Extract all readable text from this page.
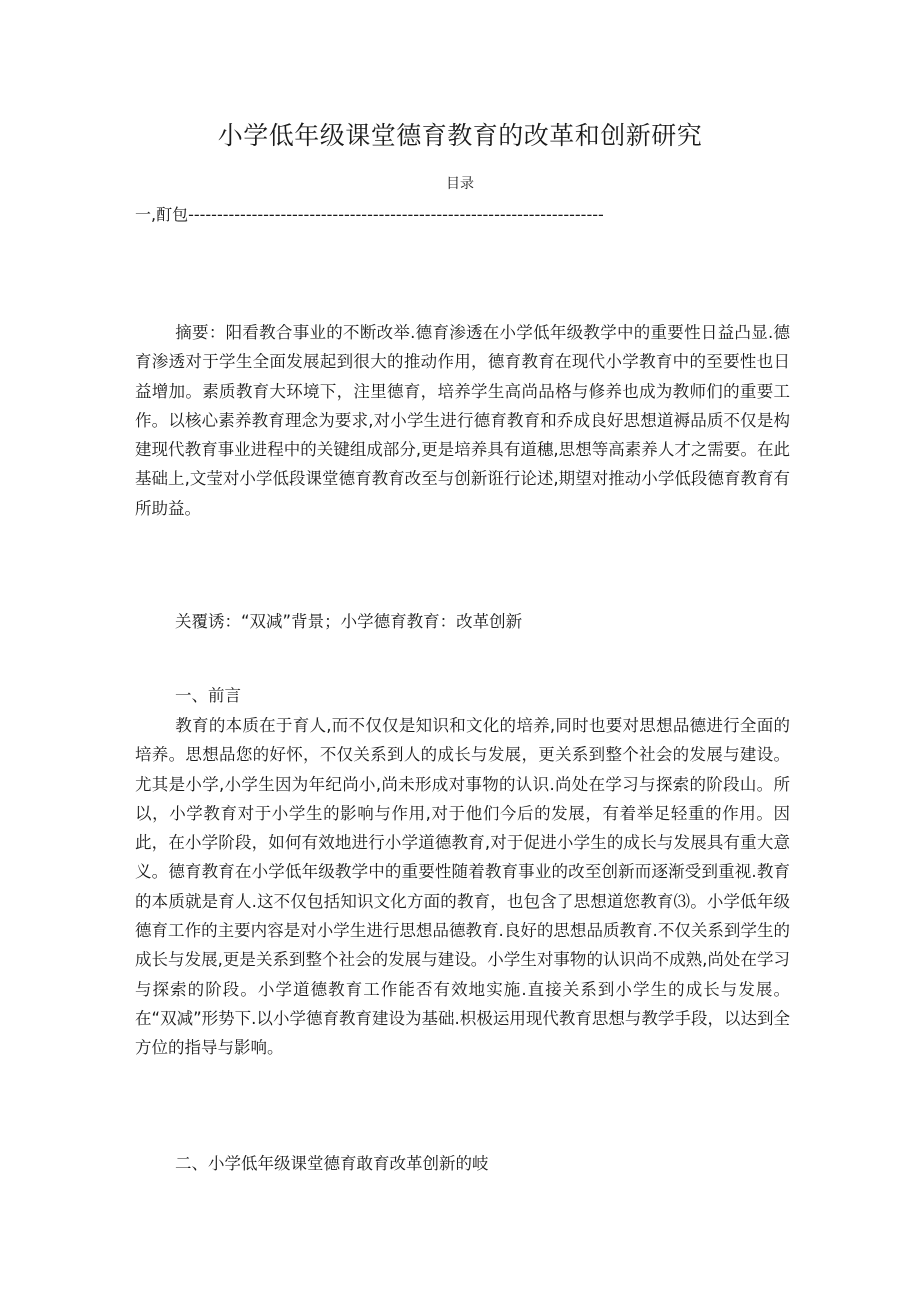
小学低年级课堂德育教育的改革和创新研究
目录
一,酊包------------------------------------------------------------------------
摘要：阳看教合事业的不断改举.德育渗透在小学低年级教学中的重要性日益凸显.德育渗透对于学生全面发展起到很大的推动作用，德育教育在现代小学教育中的至要性也日益增加。素质教育大环境下，注里德育，培养学生高尚品格与修养也成为教师们的重要工作。以核心素养教育理念为要求,对小学生进行德育教育和乔成良好思想道褥品质不仅是构建现代教育事业进程中的关键组成部分,更是培养具有道穗,思想等高素养人才之需要。在此基础上,文莹对小学低段课堂德育教育改至与创新诳行论述,期望对推动小学低段德育教育有所助益。
关覆诱：“双减”背景；小学德育教育：改革创新
一、前言
教育的本质在于育人,而不仅仅是知识和文化的培养,同时也要对思想品德进行全面的培养。思想品您的好怀，不仅关系到人的成长与发展，更关系到整个社会的发展与建设。尤其是小学,小学生因为年纪尚小,尚未形成对事物的认识.尚处在学习与探索的阶段山。所以，小学教育对于小学生的影响与作用,对于他们今后的发展，有着举足轻重的作用。因此，在小学阶段，如何有效地进行小学道德教育,对于促进小学生的成长与发展具有重大意义。德育教育在小学低年级教学中的重要性随着教育事业的改至创新而逐渐受到重视.教育的本质就是育人.这不仅包括知识文化方面的教育，也包含了思想道您教育⑶。小学低年级德育工作的主要内容是对小学生进行思想品德教育.良好的思想品质教育.不仅关系到学生的成长与发展,更是关系到整个社会的发展与建设。小学生对事物的认识尚不成熟,尚处在学习与探索的阶段。小学道德教育工作能否有效地实施.直接关系到小学生的成长与发展。在“双减”形势下.以小学德育教育建设为基础.枳极运用现代教育思想与教学手段，以达到全方位的指导与影响。
二、小学低年级课堂德育敢育改革创新的岐
